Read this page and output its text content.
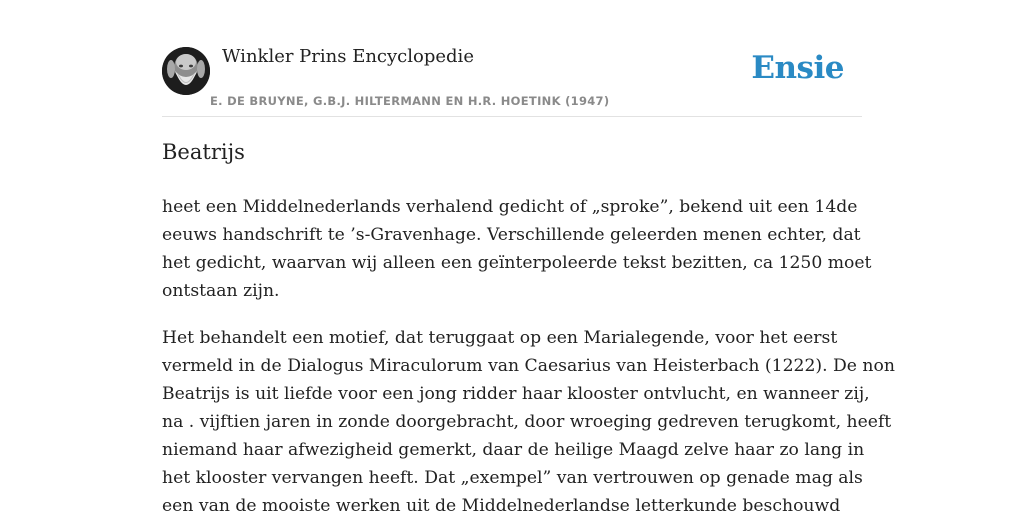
Winkler Prins Encyclopedie
E. DE BRUYNE, G.B.J. HILTERMANN EN H.R. HOETINK (1947)
Ensie
Beatrijs

heet een Middelnederlands verhalend gedicht of „sproke”, bekend uit een 14de
eeuws handschrift te ’s-Gravenhage. Verschillende geleerden menen echter, dat
het gedicht, waarvan wij alleen een geïnterpoleerde tekst bezitten, ca 1250 moet
ontstaan zijn.

Het behandelt een motief, dat teruggaat op een Marialegende, voor het eerst
vermeld in de Dialogus Miraculorum van Caesarius van Heisterbach (1222). De non
Beatrijs is uit liefde voor een jong ridder haar klooster ontvlucht, en wanneer zij,
na . vijftien jaren in zonde doorgebracht, door wroeging gedreven terugkomt, heeft
niemand haar afwezigheid gemerkt, daar de heilige Maagd zelve haar zo lang in
het klooster vervangen heeft. Dat „exempel” van vertrouwen op genade mag als
een van de mooiste werken uit de Middelnederlandse letterkunde beschouwd
